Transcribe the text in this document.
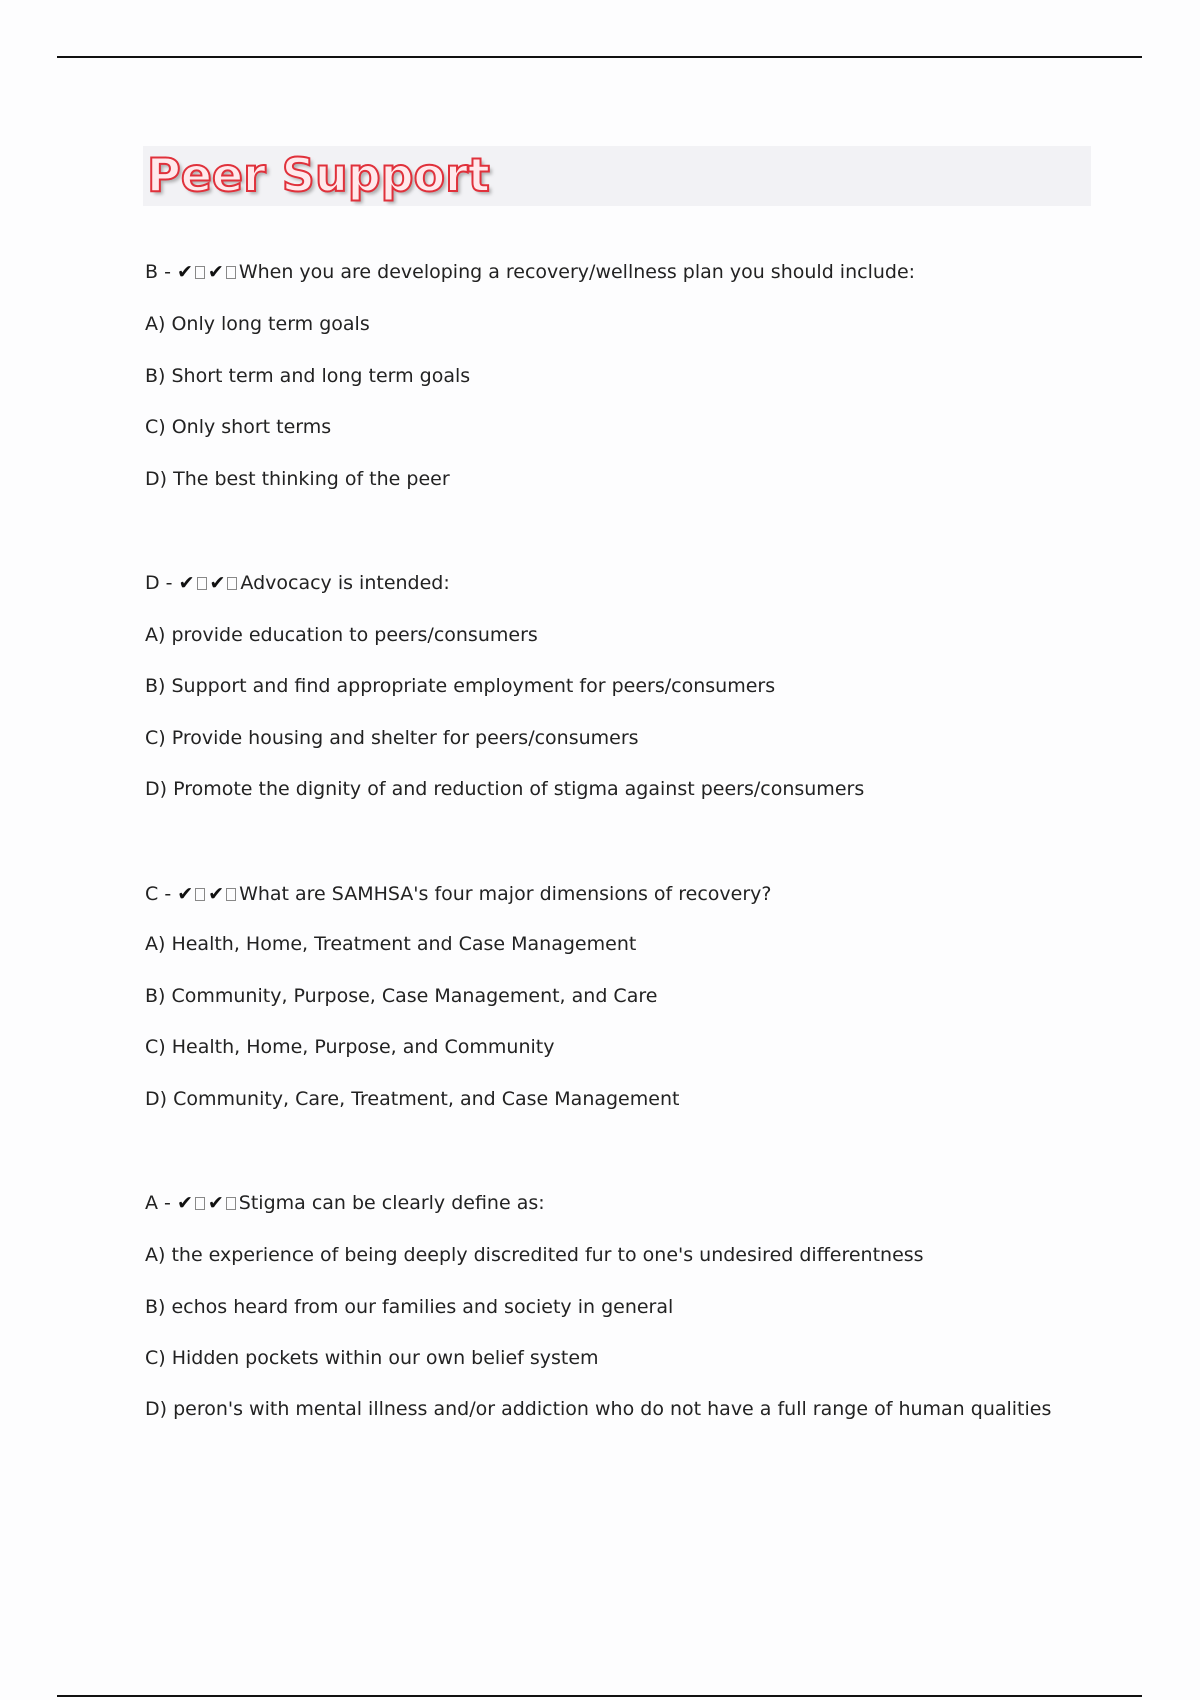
Peer Support
B - ✔ ✔ When you are developing a recovery/wellness plan you should include:
A) Only long term goals
B) Short term and long term goals
C) Only short terms
D) The best thinking of the peer
D - ✔ ✔ Advocacy is intended:
A) provide education to peers/consumers
B) Support and find appropriate employment for peers/consumers
C) Provide housing and shelter for peers/consumers
D) Promote the dignity of and reduction of stigma against peers/consumers
C - ✔ ✔ What are SAMHSA's four major dimensions of recovery?
A) Health, Home, Treatment and Case Management
B) Community, Purpose, Case Management, and Care
C) Health, Home, Purpose, and Community
D) Community, Care, Treatment, and Case Management
A - ✔ ✔ Stigma can be clearly define as:
A) the experience of being deeply discredited fur to one's undesired differentness
B) echos heard from our families and society in general
C) Hidden pockets within our own belief system
D) peron's with mental illness and/or addiction who do not have a full range of human qualities
